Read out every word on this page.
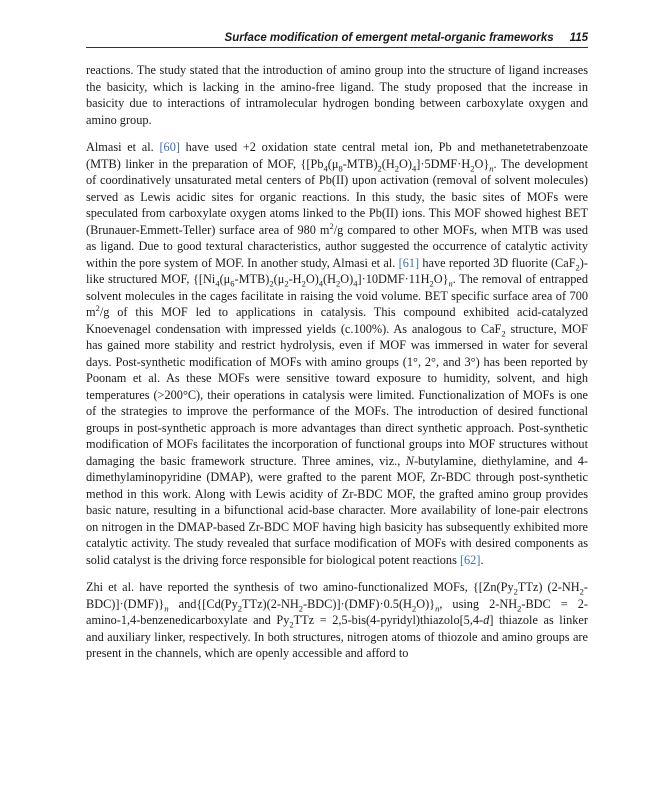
Surface modification of emergent metal-organic frameworks 115

reactions. The study stated that the introduction of amino group into the structure of ligand increases the basicity, which is lacking in the amino-free ligand. The study proposed that the increase in basicity due to interactions of intramolecular hydrogen bonding between carboxylate oxygen and amino group.

Almasi et al. [60] have used +2 oxidation state central metal ion, Pb and methanetetrabenzoate (MTB) linker in the preparation of MOF, $\{[Pb_4(\mu_8-MTB)_2(H_2O)_4]\cdot 5DMF\cdot H_2O\}_n$. The development of coordinatively unsaturated metal centers of Pb(II) upon activation (removal of solvent molecules) served as Lewis acidic sites for organic reactions. In this study, the basic sites of MOFs were speculated from carboxylate oxygen atoms linked to the Pb(II) ions. This MOF showed highest BET (Brunauer-Emmett-Teller) surface area of 980 $m^2/g$ compared to other MOFs, when MTB was used as ligand. Due to good textural characteristics, author suggested the occurrence of catalytic activity within the pore system of MOF. In another study, Almasi et al. [61] have reported 3D fluorite (CaF$_2$)-like structured MOF, $\{[Ni_4(\mu_6-MTB)_2(\mu_2-H_2O)_4(H_2O)_4]\cdot 10DMF\cdot 11H_2O\}_n$. The removal of entrapped solvent molecules in the cages facilitate in raising the void volume. BET specific surface area of 700 $m^2/g$ of this MOF led to applications in catalysis. This compound exhibited acid-catalyzed Knoevenagel condensation with impressed yields (c.100%). As analogous to CaF$_2$ structure, MOF has gained more stability and restrict hydrolysis, even if MOF was immersed in water for several days. Post-synthetic modification of MOFs with amino groups (1°, 2°, and 3°) has been reported by Poonam et al. As these MOFs were sensitive toward exposure to humidity, solvent, and high temperatures (>200°C), their operations in catalysis were limited. Functionalization of MOFs is one of the strategies to improve the performance of the MOFs. The introduction of desired functional groups in post-synthetic approach is more advantages than direct synthetic approach. Post-synthetic modification of MOFs facilitates the incorporation of functional groups into MOF structures without damaging the basic framework structure. Three amines, viz., N-butylamine, diethylamine, and 4-dimethylaminopyridine (DMAP), were grafted to the parent MOF, Zr-BDC through post-synthetic method in this work. Along with Lewis acidity of Zr-BDC MOF, the grafted amino group provides basic nature, resulting in a bifunctional acid-base character. More availability of lone-pair electrons on nitrogen in the DMAP-based Zr-BDC MOF having high basicity has subsequently exhibited more catalytic activity. The study revealed that surface modification of MOFs with desired components as solid catalyst is the driving force responsible for biological potent reactions [62].

Zhi et al. have reported the synthesis of two amino-functionalized MOFs, {[$Zn(Py_2TTz)$ $(2-NH_2-BDC)]\cdot(DMF)\}_n$ $and\{[Cd(Py_2TTz)(2-NH_2-BDC)]\cdot(DMF)\cdot 0.5(H_2O)\}_n$, using $2-NH_2$-BDC = 2-amino-1,4-benzenedicarboxylate and $Py_2TTz$ = 2,5-bis(4-pyridyl)thiazolo[5,4-d] thiazole as linker and auxiliary linker, respectively. In both structures, nitrogen atoms of thiozole and amino groups are present in the channels, which are openly accessible and afford to
